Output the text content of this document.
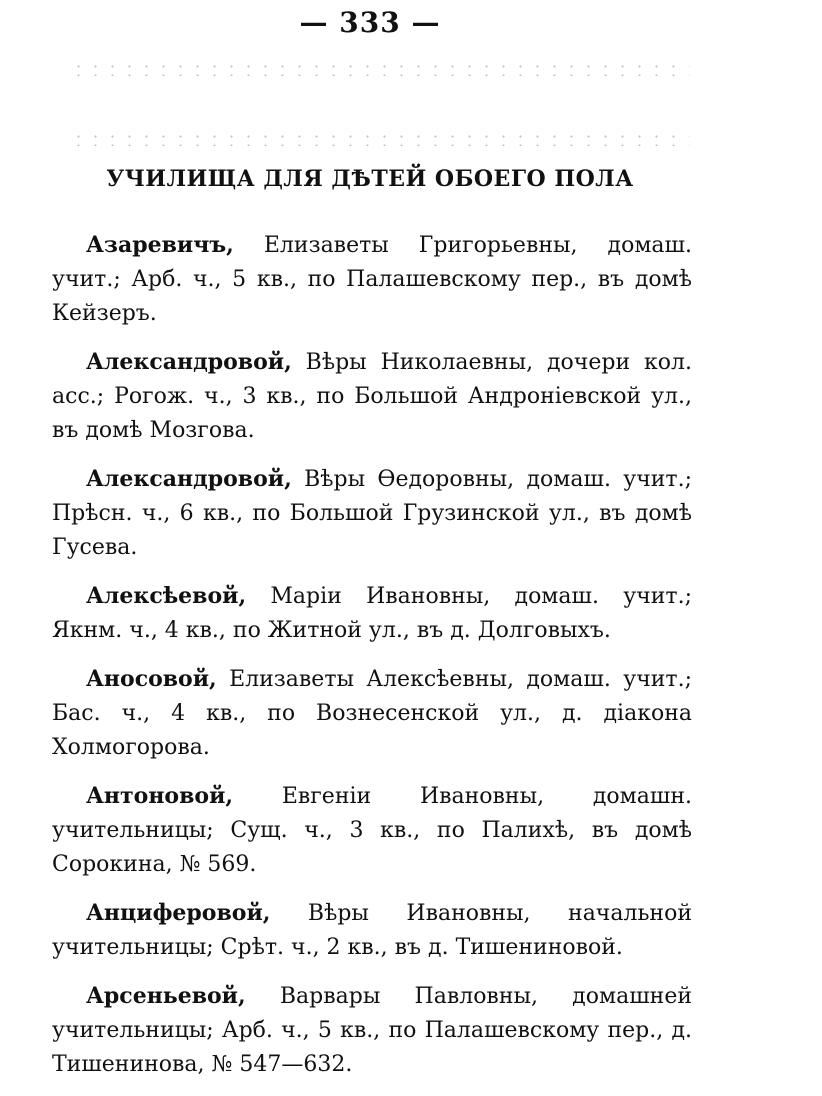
— 333 —
УЧИЛИЩА ДЛЯ ДѢТЕЙ ОБОЕГО ПОЛА

Азаревичъ, Елизаветы Григорьевны, домаш. учит.; Арб. ч., 5 кв., по Палашевскому пер., въ домѣ Кейзеръ.

Александровой, Вѣры Николаевны, дочери кол. асс.; Рогож. ч., 3 кв., по Большой Андроніевской ул., въ домѣ Мозгова.

Александровой, Вѣры Ѳедоровны, домаш. учит.; Прѣсн. ч., 6 кв., по Большой Грузинской ул., въ домѣ Гусева.

Алексѣевой, Маріи Ивановны, домаш. учит.; Якнм. ч., 4 кв., по Житной ул., въ д. Долговыхъ.

Аносовой, Елизаветы Алексѣевны, домаш. учит.; Бас. ч., 4 кв., по Вознесенской ул., д. діакона Холмогорова.

Антоновой, Евгеніи Ивановны, домашн. учительницы; Сущ. ч., 3 кв., по Палихѣ, въ домѣ Сорокина, № 569.

Анциферовой, Вѣры Ивановны, начальной учительницы; Срѣт. ч., 2 кв., въ д. Тишениновой.

Арсеньевой, Варвары Павловны, домашней учительницы; Арб. ч., 5 кв., по Палашевскому пер., д. Тишенинова, № 547—632.
